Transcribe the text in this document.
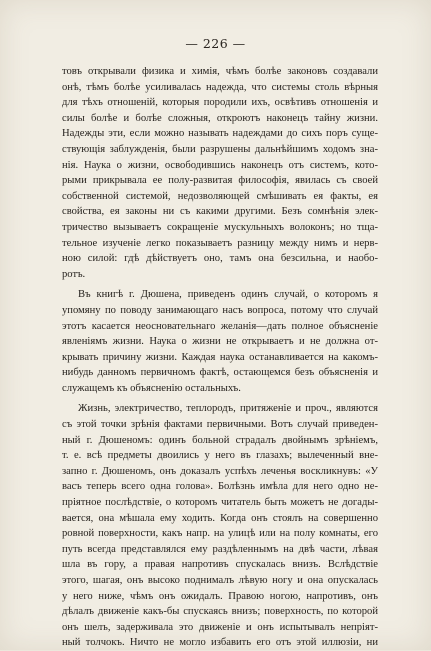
— 226 —
товъ открывали физика и химія, чѣмъ болѣе законовъ создавали
онѣ, тѣмъ болѣе усиливалась надежда, что системы столь вѣрныя
для тѣхъ отношеній, которыя породили ихъ, освѣтивъ отношенія и
силы болѣе и болѣе сложныя, откроютъ наконецъ тайну жизни.
Надежды эти, если можно называть надеждами до сихъ поръ суще-
ствующія заблужденія, были разрушены дальнѣйшимъ ходомъ зна-
нія. Наука о жизни, освободившись наконецъ отъ системъ, кото-
рыми прикрывала ее полу-развитая философія, явилась съ своей
собственной системой, недозволяющей смѣшивать ея факты, ея
свойства, ея законы ни съ какими другими. Безъ сомнѣнія элек-
тричество вызываетъ сокращеніе мускульныхъ волоконъ; но тща-
тельное изученіе легко показываетъ разницу между нимъ и нерв-
ною силой: гдѣ дѣйствуетъ оно, тамъ она безсильна, и наобо-
ротъ.
Въ книгѣ г. Дюшена, приведенъ одинъ случай, о которомъ я
упомяну по поводу занимающаго насъ вопроса, потому что случай
этотъ касается неосновательнаго желанія—дать полное объясненіе
явленіямъ жизни. Наука о жизни не открываетъ и не должна от-
крывать причину жизни. Каждая наука останавливается на какомъ-
нибудь данномъ первичномъ фактѣ, остающемся безъ объясненія и
служащемъ къ объясненію остальныхъ.
Жизнь, электричество, теплородъ, притяженіе и проч., являются
съ этой точки зрѣнія фактами первичными. Вотъ случай приведен-
ный г. Дюшеномъ: одинъ больной страдалъ двойнымъ зрѣніемъ,
т. е. всѣ предметы двоились у него въ глазахъ; вылеченный вне-
запно г. Дюшеномъ, онъ доказалъ успѣхъ леченья воскликнувъ: «У
васъ теперь всего одна голова». Болѣзнь имѣла для него одно не-
пріятное послѣдствіе, о которомъ читатель быть можетъ не догады-
вается, она мѣшала ему ходить. Когда онъ стоялъ на совершенно
ровной поверхности, какъ напр. на улицѣ или на полу комнаты, его
путь всегда представлялся ему раздѣленнымъ на двѣ части, лѣвая
шла въ гору, а правая напротивъ спускалась внизъ. Вслѣдствіе
этого, шагая, онъ высоко поднималъ лѣвую ногу и она опускалась
у него ниже, чѣмъ онъ ожидалъ. Правою ногою, напротивъ, онъ
дѣлалъ движеніе какъ-бы спускаясь внизъ; поверхность, по которой
онъ шелъ, задерживала это движеніе и онъ испытывалъ непріят-
ный толчокъ. Ничто не могло избавить его отъ этой иллюзіи, ни
